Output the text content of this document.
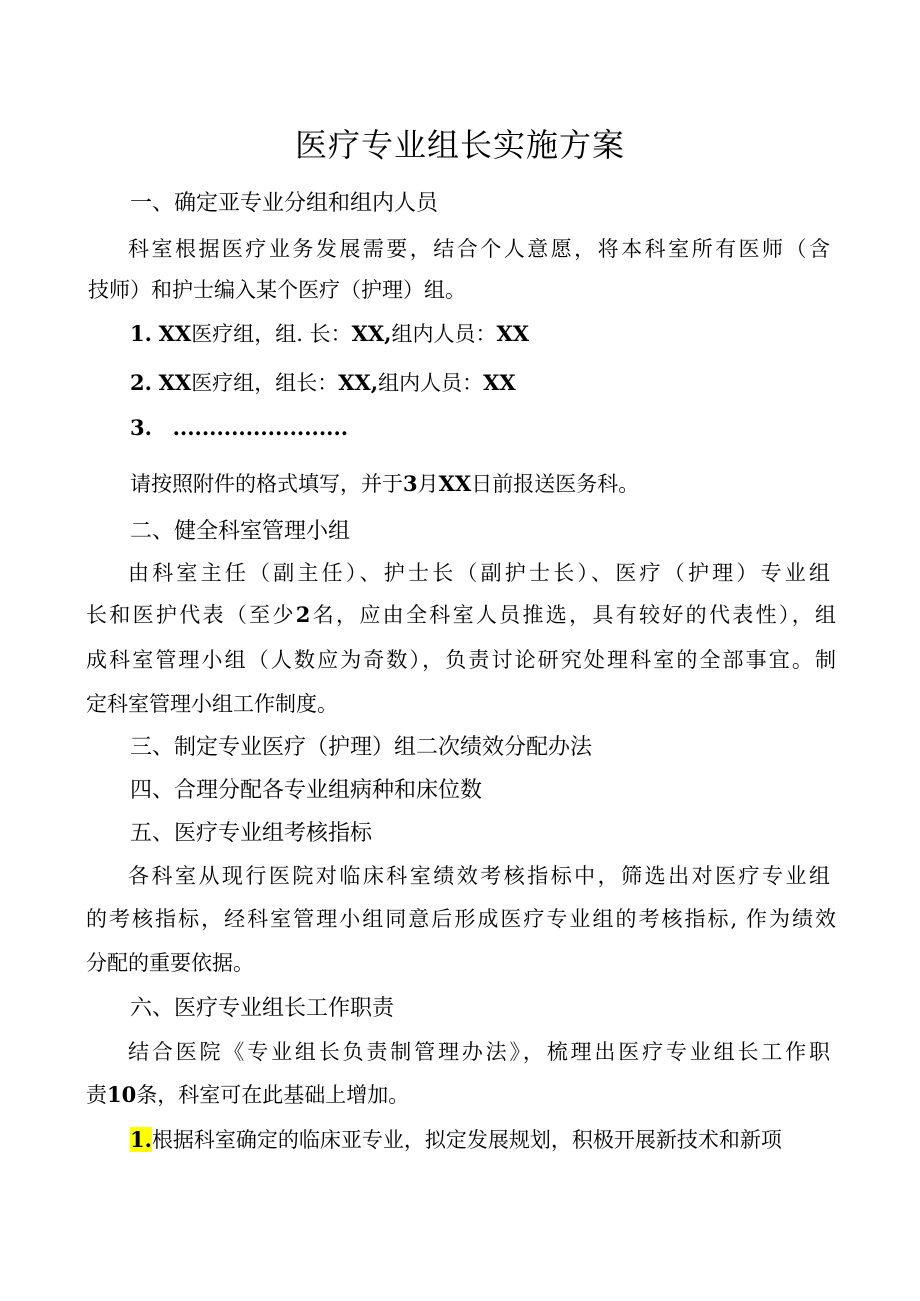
医疗专业组长实施方案
一、确定亚专业分组和组内人员
科室根据医疗业务发展需要，结合个人意愿，将本科室所有医师（含
技师）和护士编入某个医疗（护理）组。
1. XX医疗组，组. 长：XX,组内人员：XX
2. XX医疗组，组长：XX,组内人员：XX
3. ........................
请按照附件的格式填写，并于3月XX日前报送医务科。
二、健全科室管理小组
由科室主任（副主任）、护士长（副护士长）、医疗（护理）专业组
长和医护代表（至少2名，应由全科室人员推选，具有较好的代表性），组
成科室管理小组（人数应为奇数），负责讨论研究处理科室的全部事宜。制
定科室管理小组工作制度。
三、制定专业医疗（护理）组二次绩效分配办法
四、合理分配各专业组病种和床位数
五、医疗专业组考核指标
各科室从现行医院对临床科室绩效考核指标中，筛选出对医疗专业组
的考核指标，经科室管理小组同意后形成医疗专业组的考核指标, 作为绩效
分配的重要依据。
六、医疗专业组长工作职责
结合医院《专业组长负责制管理办法》，梳理出医疗专业组长工作职
责10条，科室可在此基础上增加。
1.根据科室确定的临床亚专业，拟定发展规划，积极开展新技术和新项
